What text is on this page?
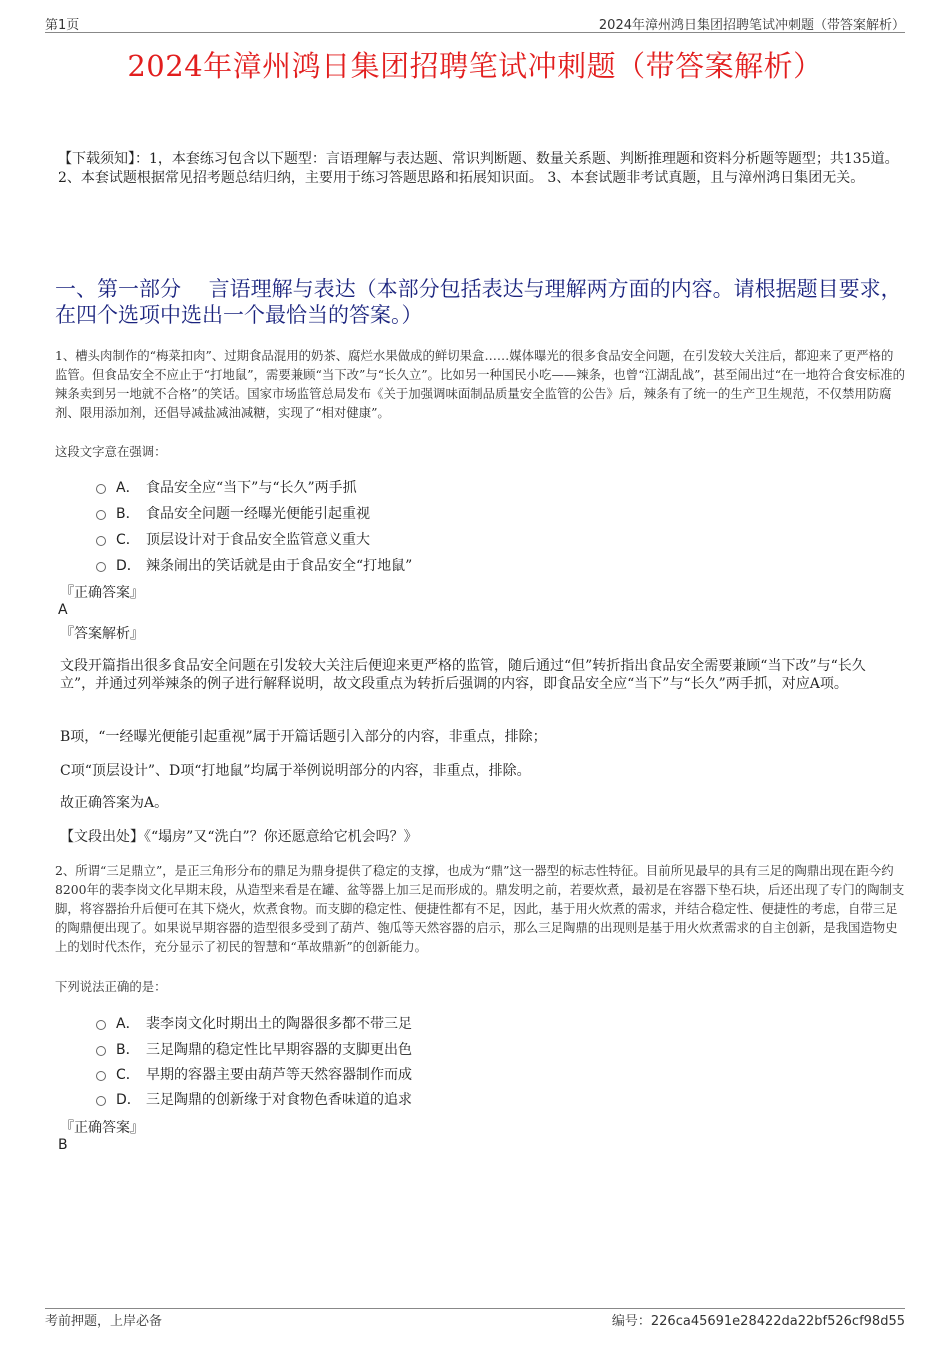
第1页	2024年漳州鸿日集团招聘笔试冲刺题（带答案解析）
2024年漳州鸿日集团招聘笔试冲刺题（带答案解析）
【下载须知】：1，本套练习包含以下题型：言语理解与表达题、常识判断题、数量关系题、判断推理题和资料分析题等题型；共135道。 2、本套试题根据常见招考题总结归纳，主要用于练习答题思路和拓展知识面。 3、本套试题非考试真题，且与漳州鸿日集团无关。
一、第一部分　 言语理解与表达（本部分包括表达与理解两方面的内容。请根据题目要求，在四个选项中选出一个最恰当的答案。）
1、槽头肉制作的“梅菜扣肉”、过期食品混用的奶茶、腐烂水果做成的鲜切果盒……媒体曝光的很多食品安全问题，在引发较大关注后，都迎来了更严格的监管。但食品安全不应止于“打地鼠”，需要兼顾“当下改”与“长久立”。比如另一种国民小吃——辣条，也曾“江湖乱战”，甚至闹出过“在一地符合食安标准的辣条卖到另一地就不合格”的笑话。国家市场监管总局发布《关于加强调味面制品质量安全监管的公告》后，辣条有了统一的生产卫生规范，不仅禁用防腐剂、限用添加剂，还倡导减盐减油减糖，实现了“相对健康”。
这段文字意在强调：
A． 食品安全应“当下”与“长久”两手抓
B． 食品安全问题一经曝光便能引起重视
C． 顶层设计对于食品安全监管意义重大
D． 辣条闹出的笑话就是由于食品安全“打地鼠”
『正确答案』
A
『答案解析』
文段开篇指出很多食品安全问题在引发较大关注后便迎来更严格的监管，随后通过“但”转折指出食品安全需要兼顾“当下改”与“长久立”，并通过列举辣条的例子进行解释说明，故文段重点为转折后强调的内容，即食品安全应“当下”与“长久”两手抓，对应A项。
B项，“一经曝光便能引起重视”属于开篇话题引入部分的内容，非重点，排除；
C项“顶层设计”、D项“打地鼠”均属于举例说明部分的内容，非重点，排除。
故正确答案为A。
【文段出处】《“塌房”又“洗白”？你还愿意给它机会吗？》
2、所谓“三足鼎立”，是正三角形分布的鼎足为鼎身提供了稳定的支撑，也成为“鼎”这一器型的标志性特征。目前所见最早的具有三足的陶鼎出现在距今约8200年的裴李岗文化早期末段，从造型来看是在罐、盆等器上加三足而形成的。鼎发明之前，若要炊煮，最初是在容器下垫石块，后还出现了专门的陶制支脚，将容器抬升后便可在其下烧火，炊煮食物。而支脚的稳定性、便捷性都有不足，因此，基于用火炊煮的需求，并结合稳定性、便捷性的考虑，自带三足的陶鼎便出现了。如果说早期容器的造型很多受到了葫芦、匏瓜等天然容器的启示，那么三足陶鼎的出现则是基于用火炊煮需求的自主创新，是我国造物史上的划时代杰作，充分显示了初民的智慧和“革故鼎新”的创新能力。
下列说法正确的是：
A． 裴李岗文化时期出土的陶器很多都不带三足
B． 三足陶鼎的稳定性比早期容器的支脚更出色
C． 早期的容器主要由葫芦等天然容器制作而成
D． 三足陶鼎的创新缘于对食物色香味道的追求
『正确答案』
B
考前押题，上岸必备	编号：226ca45691e28422da22bf526cf98d55
